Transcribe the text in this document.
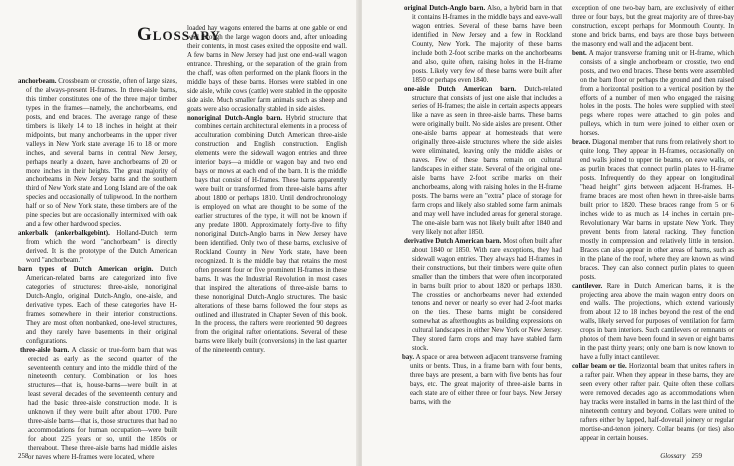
Glossary

anchorbeam. Crossbeam or crosstie, often of large sizes, of the always-present H-frames. In three-aisle barns, this timber constitutes one of the three major timber types in the frames—namely, the anchorbeams, end posts, and end braces. The average range of these timbers is likely 14 to 18 inches in height at their midpoints, but many anchorbeams in the upper river valleys in New York state average 16 to 18 or more inches, and several barns in central New Jersey, perhaps nearly a dozen, have anchorbeams of 20 or more inches in their heights. The great majority of anchorbeams in New Jersey barns and the southern third of New York state and Long Island are of the oak species and occasionally of tulipwood. In the northern half or so of New York state, these timbers are of the pine species but are occasionally intermixed with oak and a few other hardwood species.

ankerbalk (ankerbalkgebint). Holland-Dutch term from which the word "anchorbeam" is directly derived. It is the prototype of the Dutch American word "anchorbeam."

barn types of Dutch American origin. Dutch American-related barns are categorized into five categories of structures: three-aisle, nonoriginal Dutch-Anglo, original Dutch-Anglo, one-aisle, and derivative types. Each of these categories have H-frames somewhere in their interior constructions. They are most often nonbanked, one-level structures, and they rarely have basements in their original configurations.

three-aisle barn. A classic or true-form barn that was erected as early as the second quarter of the seventeenth century and into the middle third of the nineteenth century. Combination or los hoes structures—that is, house-barns—were built in at least several decades of the seventeenth century and had the basic three-aisle construction mode. It is unknown if they were built after about 1700. Pure three-aisle barns—that is, those structures that had no accommodations for human occupation—were built for about 225 years or so, until the 1850s or thereabout. These three-aisle barns had middle aisles or naves where H-frames were located, where

loaded hay wagons entered the barns at one gable or end wall through the large wagon doors and, after unloading their contents, in most cases exited the opposite end wall. A few barns in New Jersey had just one end-wall wagon entrance. Threshing, or the separation of the grain from the chaff, was often performed on the plank floors in the middle bays of these barns. Horses were stabled in one side aisle, while cows (cattle) were stabled in the opposite side aisle. Much smaller farm animals such as sheep and goats were also occasionally stabled in side aisles.

nonoriginal Dutch-Anglo barn. Hybrid structure that combines certain architectural elements in a process of acculturation combining Dutch American three-aisle construction and English construction. English elements were the sidewall wagon entries and three interior bays—a middle or wagon bay and two end bays or mows at each end of the barn. It is the middle bays that consist of H-frames. These barns apparently were built or transformed from three-aisle barns after about 1800 or perhaps 1810. Until dendrochronology is employed on what are thought to be some of the earlier structures of the type, it will not be known if any predate 1800. Approximately forty-five to fifty nonoriginal Dutch-Anglo barns in New Jersey have been identified. Only two of these barns, exclusive of Rockland County in New York state, have been recognized. It is the middle bay that retains the most often present four or five prominent H-frames in these barns. It was the Industrial Revolution in most cases that inspired the alterations of three-aisle barns to these nonoriginal Dutch-Anglo structures. The basic alterations of these barns followed the four steps as outlined and illustrated in Chapter Seven of this book. In the process, the rafters were reoriented 90 degrees from the original rafter orientations. Several of these barns were likely built (conversions) in the last quarter of the nineteenth century.

258

original Dutch-Anglo barn. Also, a hybrid barn in that it contains H-frames in the middle bays and eave-wall wagon entries. Several of these barns have been identified in New Jersey and a few in Rockland County, New York. The majority of these barns include both 2-foot scribe marks on the anchorbeams and also, quite often, raising holes in the H-frame posts. Likely very few of these barns were built after 1850 or perhaps even 1840.

one-aisle Dutch American barn. Dutch-related structure that consists of just one aisle that includes a series of H-frames; the aisle in certain aspects appears like a nave as seen in three-aisle barns. These barns were originally built. No side aisles are present. Other one-aisle barns appear at homesteads that were originally three-aisle structures where the side aisles were eliminated, leaving only the middle aisles or naves. Few of these barns remain on cultural landscapes in either state. Several of the original one-aisle barns have 2-foot scribe marks on their anchorbeams, along with raising holes in the H-frame posts. The barns were an "extra" place of storage for farm crops and likely also stabled some farm animals and may well have included areas for general storage. The one-aisle barn was not likely built after 1840 and very likely not after 1850.

derivative Dutch American barn. Most often built after about 1840 or 1850. With rare exceptions, they had sidewall wagon entries. They always had H-frames in their constructions, but their timbers were quite often smaller than the timbers that were often incorporated in barns built prior to about 1820 or perhaps 1830. The crossties or anchorbeams never had extended tenons and never or nearly so ever had 2-foot marks on the ties. These barns might be considered somewhat as afterthoughts as building expressions on cultural landscapes in either New York or New Jersey. They stored farm crops and may have stabled farm stock.

bay. A space or area between adjacent transverse framing units or bents. Thus, in a frame barn with four bents, three bays are present, a barn with five bents has four bays, etc. The great majority of three-aisle barns in each state are of either three or four bays. New Jersey barns, with the

exception of one two-bay barn, are exclusively of either three or four bays, but the great majority are of three-bay construction, except perhaps for Monmouth County. In stone and brick barns, end bays are those bays between the masonry end wall and the adjacent bent.

bent. A major transverse framing unit or H-frame, which consists of a single anchorbeam or crosstie, two end posts, and two end braces. These bents were assembled on the barn floor or perhaps the ground and then raised from a horizontal position to a vertical position by the efforts of a number of men who engaged the raising holes in the posts. The holes were supplied with steel pegs where ropes were attached to gin poles and pulleys, which in turn were joined to either oxen or horses.

brace. Diagonal member that runs from relatively short to quite long. They appear in H-frames, occasionally on end walls joined to upper tie beams, on eave walls, or as purlin braces that connect purlin plates to H-frame posts. Infrequently do they appear on longitudinal "head height" girts between adjacent H-frames. H-frame braces are most often hewn in three-aisle barns built prior to 1820. These braces range from 5 or 6 inches wide to as much as 14 inches in certain pre-Revolutionary War barns in upstate New York. They prevent bents from lateral racking. They function mostly in compression and relatively little in tension. Braces can also appear in other areas of barns, such as in the plane of the roof, where they are known as wind braces. They can also connect purlin plates to queen posts.

cantilever. Rare in Dutch American barns, it is the projecting area above the main wagon entry doors on end walls. The projections, which extend variously from about 12 to 18 inches beyond the rest of the end walls, likely served for purposes of ventilation for farm crops in barn interiors. Such cantilevers or remnants or photos of them have been found in seven or eight barns in the past thirty years; only one barn is now known to have a fully intact cantilever.

collar beam or tie. Horizontal beam that unites rafters in a rafter pair. When they appear in these barns, they are seen every other rafter pair. Quite often these collars were removed decades ago as accommodations when hay tracks were installed in barns in the last third of the nineteenth century and beyond. Collars were united to rafters either by lapped, half-dovetail joinery or regular mortise-and-tenon joinery. Collar beams (or ties) also appear in certain houses.

Glossary 259
